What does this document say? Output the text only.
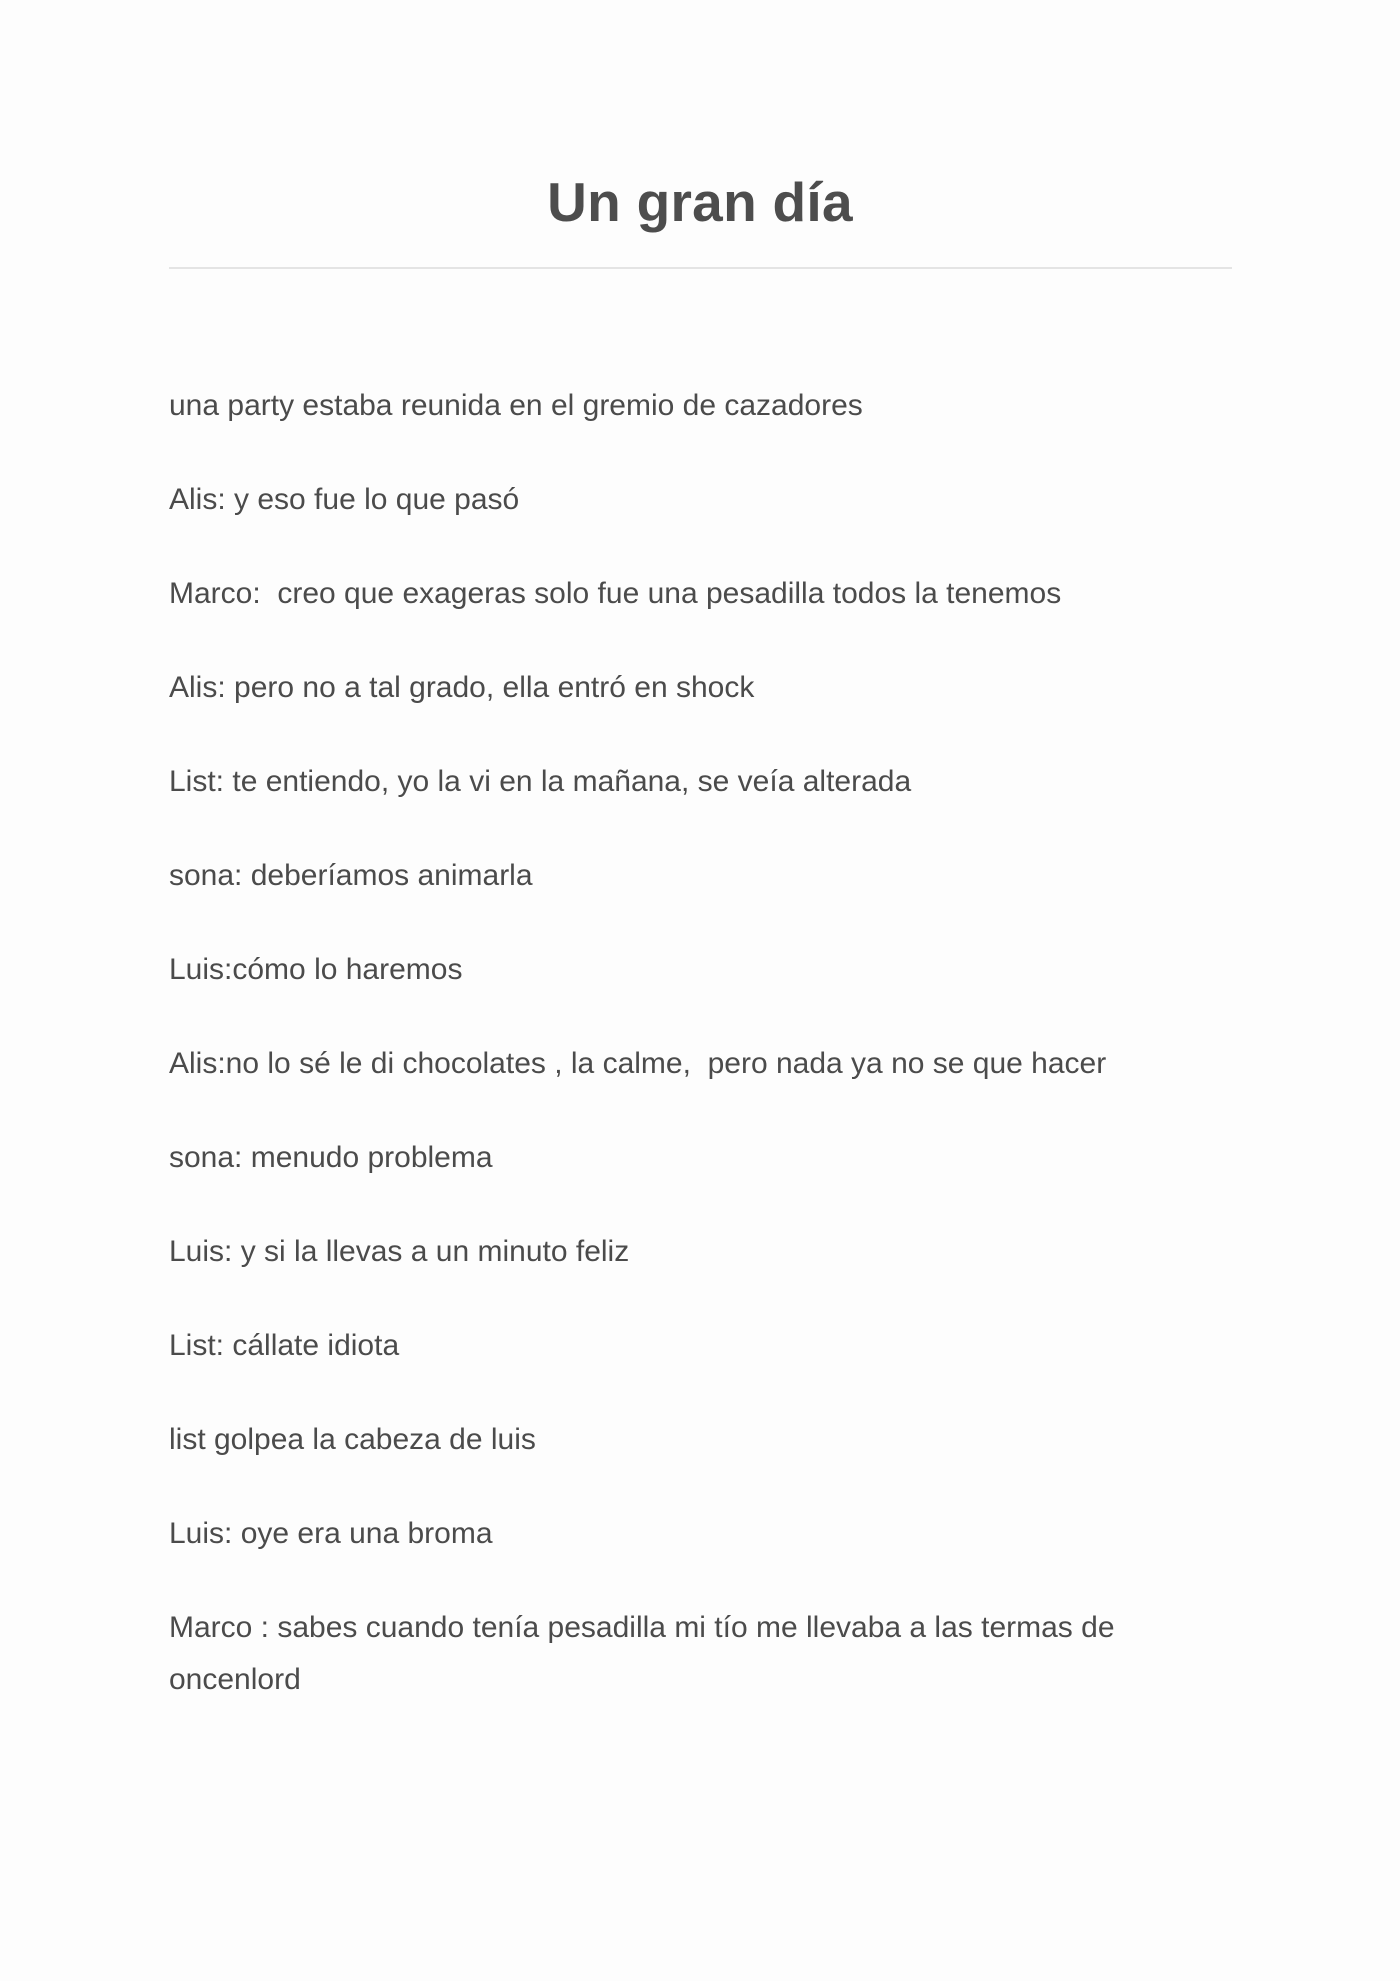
Un gran día

una party estaba reunida en el gremio de cazadores

Alis: y eso fue lo que pasó

Marco:  creo que exageras solo fue una pesadilla todos la tenemos

Alis: pero no a tal grado, ella entró en shock

List: te entiendo, yo la vi en la mañana, se veía alterada

sona: deberíamos animarla

Luis:cómo lo haremos

Alis:no lo sé le di chocolates , la calme,  pero nada ya no se que hacer

sona: menudo problema

Luis: y si la llevas a un minuto feliz

List: cállate idiota

list golpea la cabeza de luis

Luis: oye era una broma

Marco : sabes cuando tenía pesadilla mi tío me llevaba a las termas de oncenlord
